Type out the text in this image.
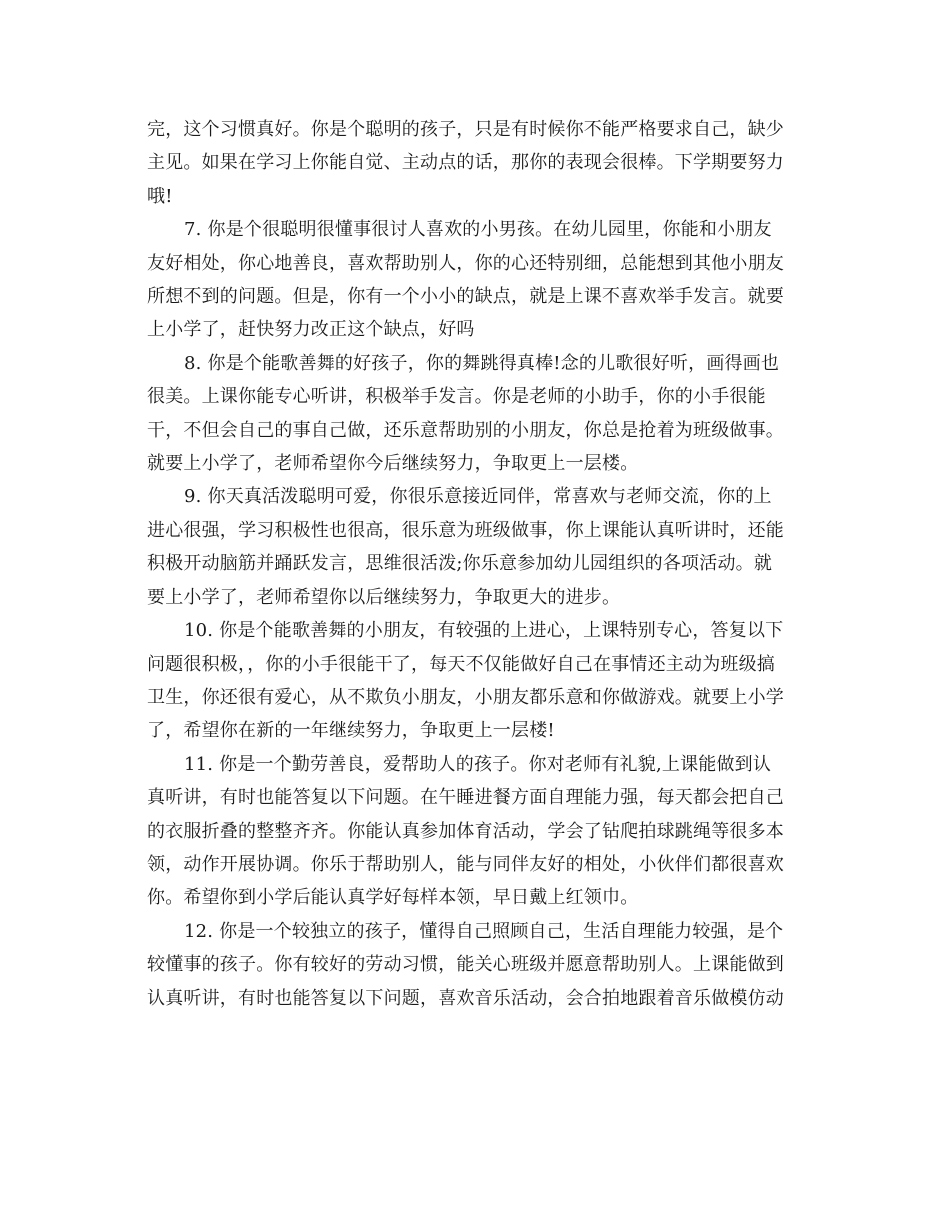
完，这个习惯真好。你是个聪明的孩子，只是有时候你不能严格要求自己，缺少
主见。如果在学习上你能自觉、主动点的话，那你的表现会很棒。下学期要努力
哦!

7. 你是个很聪明很懂事很讨人喜欢的小男孩。在幼儿园里，你能和小朋友
友好相处，你心地善良，喜欢帮助别人，你的心还特别细，总能想到其他小朋友
所想不到的问题。但是，你有一个小小的缺点，就是上课不喜欢举手发言。就要
上小学了，赶快努力改正这个缺点，好吗

8. 你是个能歌善舞的好孩子，你的舞跳得真棒!念的儿歌很好听，画得画也
很美。上课你能专心听讲，积极举手发言。你是老师的小助手，你的小手很能
干，不但会自己的事自己做，还乐意帮助别的小朋友，你总是抢着为班级做事。
就要上小学了，老师希望你今后继续努力，争取更上一层楼。

9. 你天真活泼聪明可爱，你很乐意接近同伴，常喜欢与老师交流，你的上
进心很强，学习积极性也很高，很乐意为班级做事，你上课能认真听讲时，还能
积极开动脑筋并踊跃发言，思维很活泼;你乐意参加幼儿园组织的各项活动。就
要上小学了，老师希望你以后继续努力，争取更大的进步。

10. 你是个能歌善舞的小朋友，有较强的上进心，上课特别专心，答复以下
问题很积极，，你的小手很能干了，每天不仅能做好自己在事情还主动为班级搞
卫生，你还很有爱心，从不欺负小朋友，小朋友都乐意和你做游戏。就要上小学
了，希望你在新的一年继续努力，争取更上一层楼!

11. 你是一个勤劳善良，爱帮助人的孩子。你对老师有礼貌,上课能做到认
真听讲，有时也能答复以下问题。在午睡进餐方面自理能力强，每天都会把自己
的衣服折叠的整整齐齐。你能认真参加体育活动，学会了钻爬拍球跳绳等很多本
领，动作开展协调。你乐于帮助别人，能与同伴友好的相处，小伙伴们都很喜欢
你。希望你到小学后能认真学好每样本领，早日戴上红领巾。

12. 你是一个较独立的孩子，懂得自己照顾自己，生活自理能力较强，是个
较懂事的孩子。你有较好的劳动习惯，能关心班级并愿意帮助别人。上课能做到
认真听讲，有时也能答复以下问题，喜欢音乐活动，会合拍地跟着音乐做模仿动
